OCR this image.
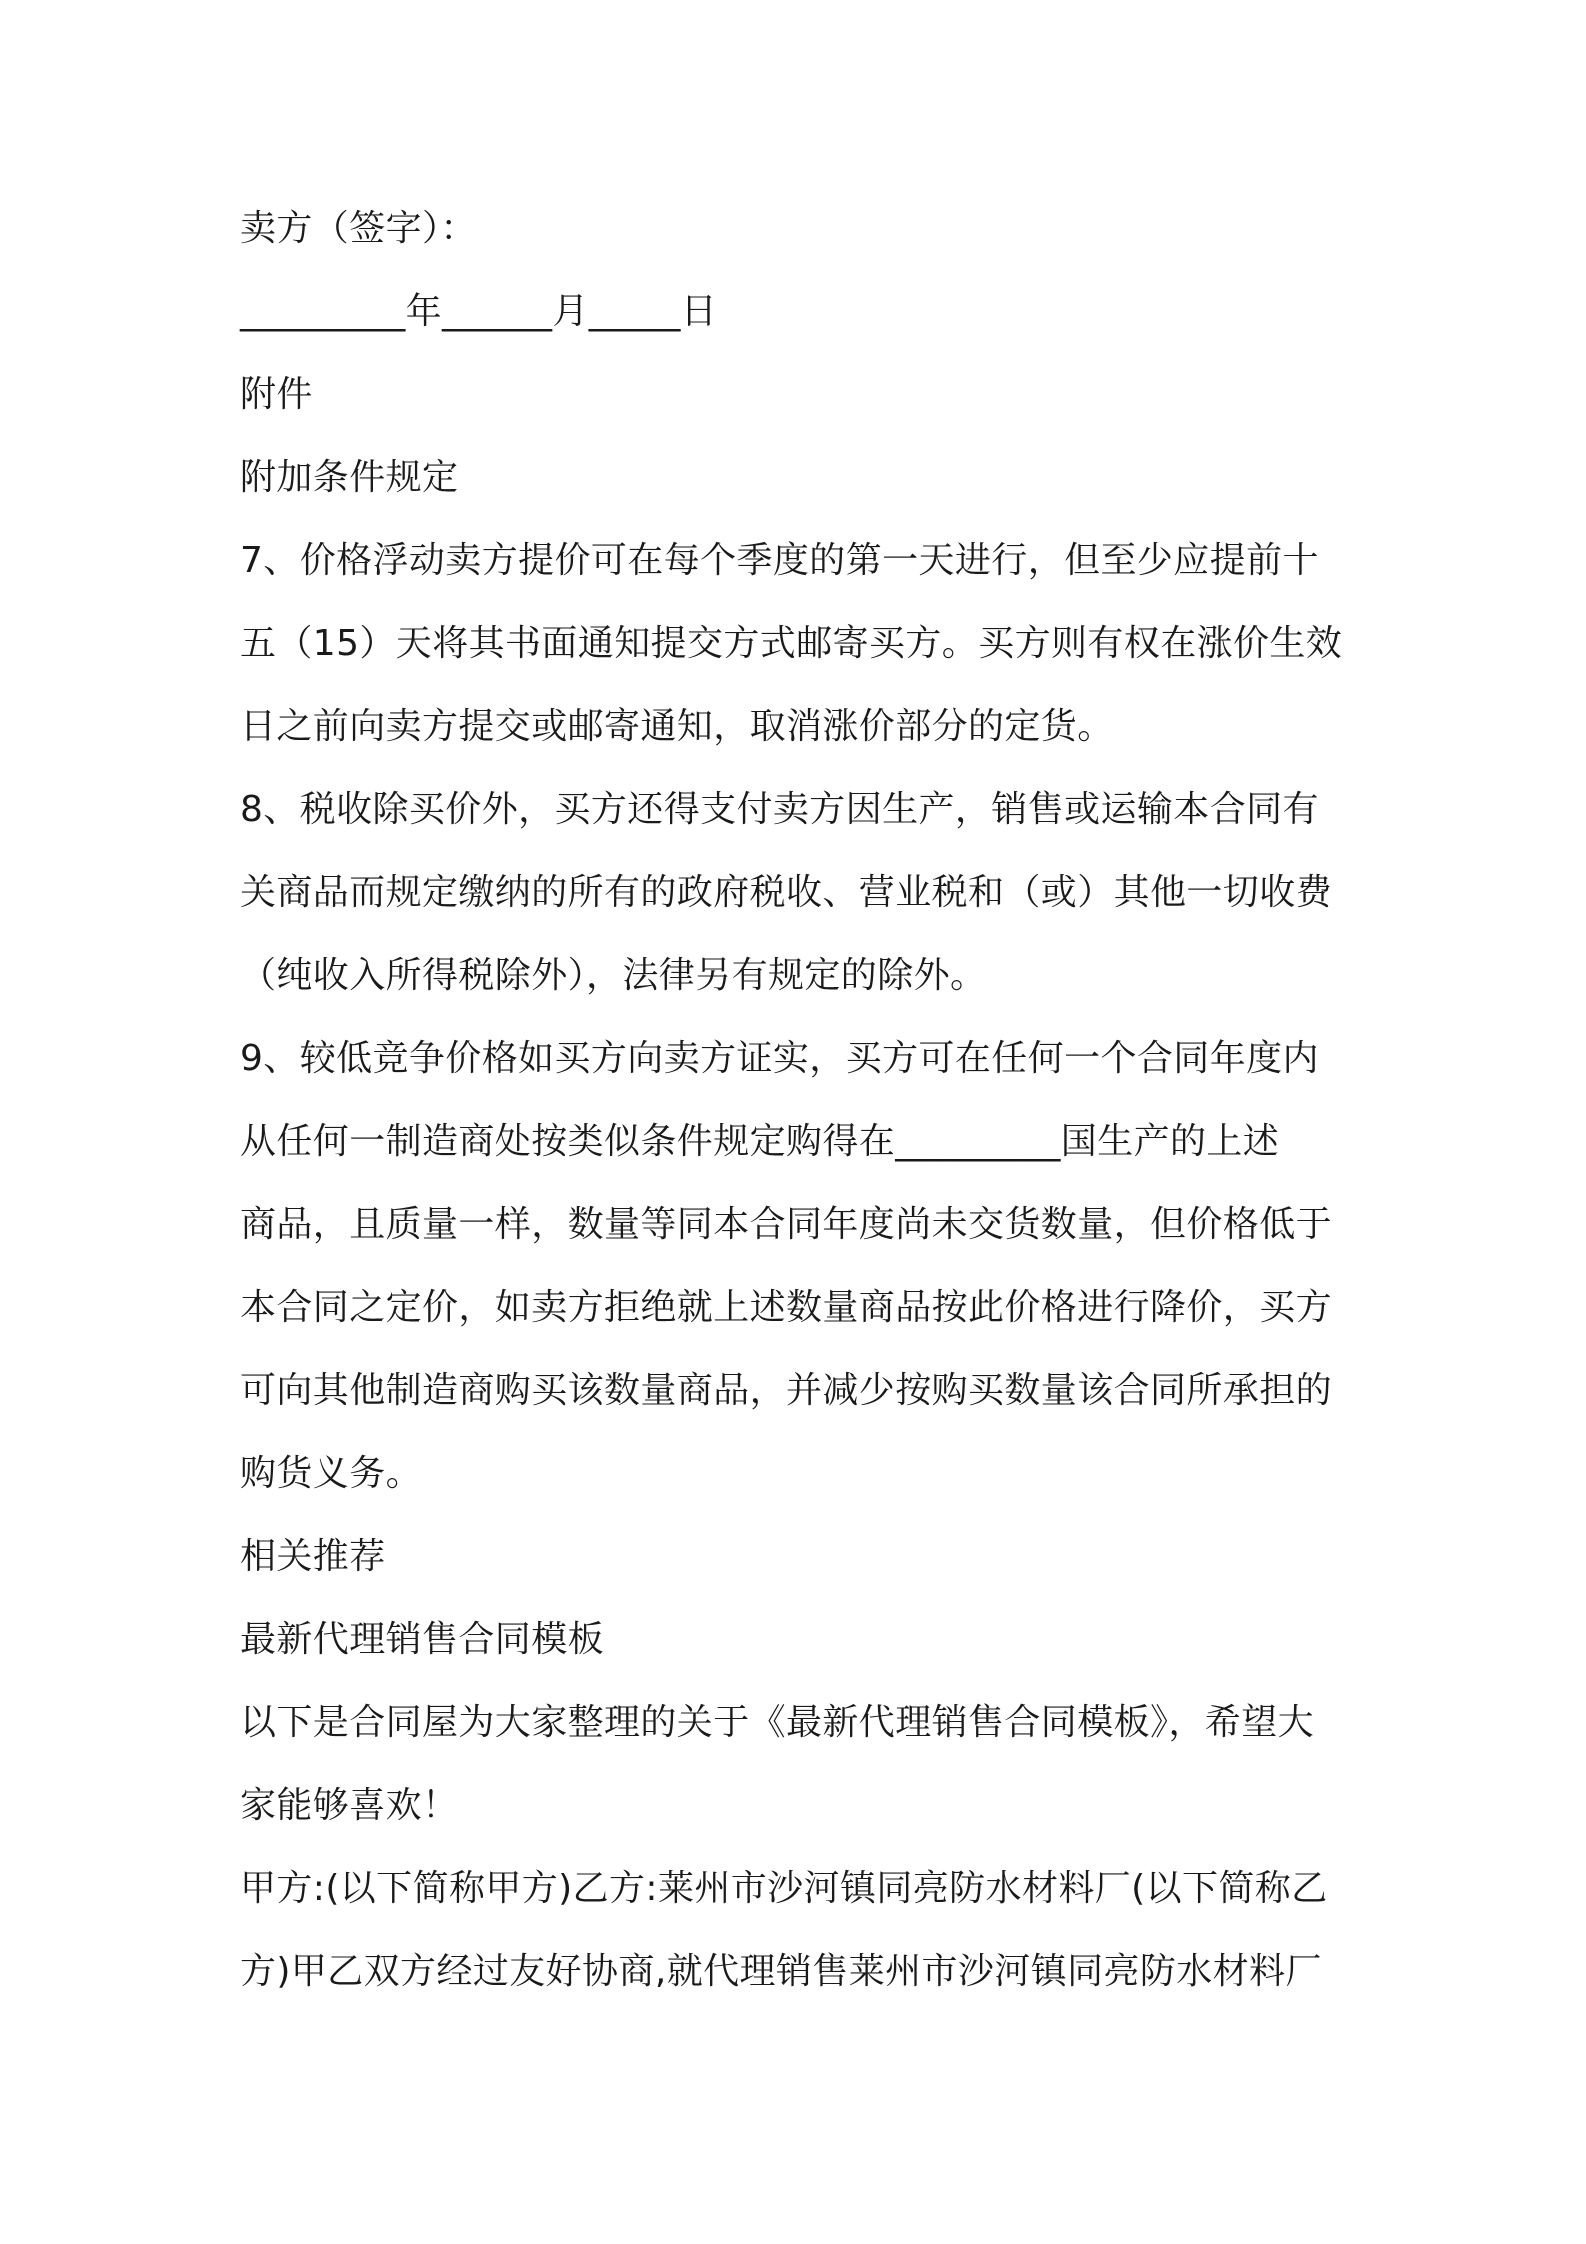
卖方（签字）：
_________年______月_____日
附件
附加条件规定
7、价格浮动卖方提价可在每个季度的第一天进行，但至少应提前十
五（15）天将其书面通知提交方式邮寄买方。买方则有权在涨价生效
日之前向卖方提交或邮寄通知，取消涨价部分的定货。
8、税收除买价外，买方还得支付卖方因生产，销售或运输本合同有
关商品而规定缴纳的所有的政府税收、营业税和（或）其他一切收费
（纯收入所得税除外），法律另有规定的除外。
9、较低竞争价格如买方向卖方证实，买方可在任何一个合同年度内
从任何一制造商处按类似条件规定购得在_________国生产的上述
商品，且质量一样，数量等同本合同年度尚未交货数量，但价格低于
本合同之定价，如卖方拒绝就上述数量商品按此价格进行降价，买方
可向其他制造商购买该数量商品，并减少按购买数量该合同所承担的
购货义务。
相关推荐
最新代理销售合同模板
以下是合同屋为大家整理的关于《最新代理销售合同模板》，希望大
家能够喜欢！
甲方:(以下简称甲方)乙方:莱州市沙河镇同亮防水材料厂(以下简称乙
方)甲乙双方经过友好协商,就代理销售莱州市沙河镇同亮防水材料厂
